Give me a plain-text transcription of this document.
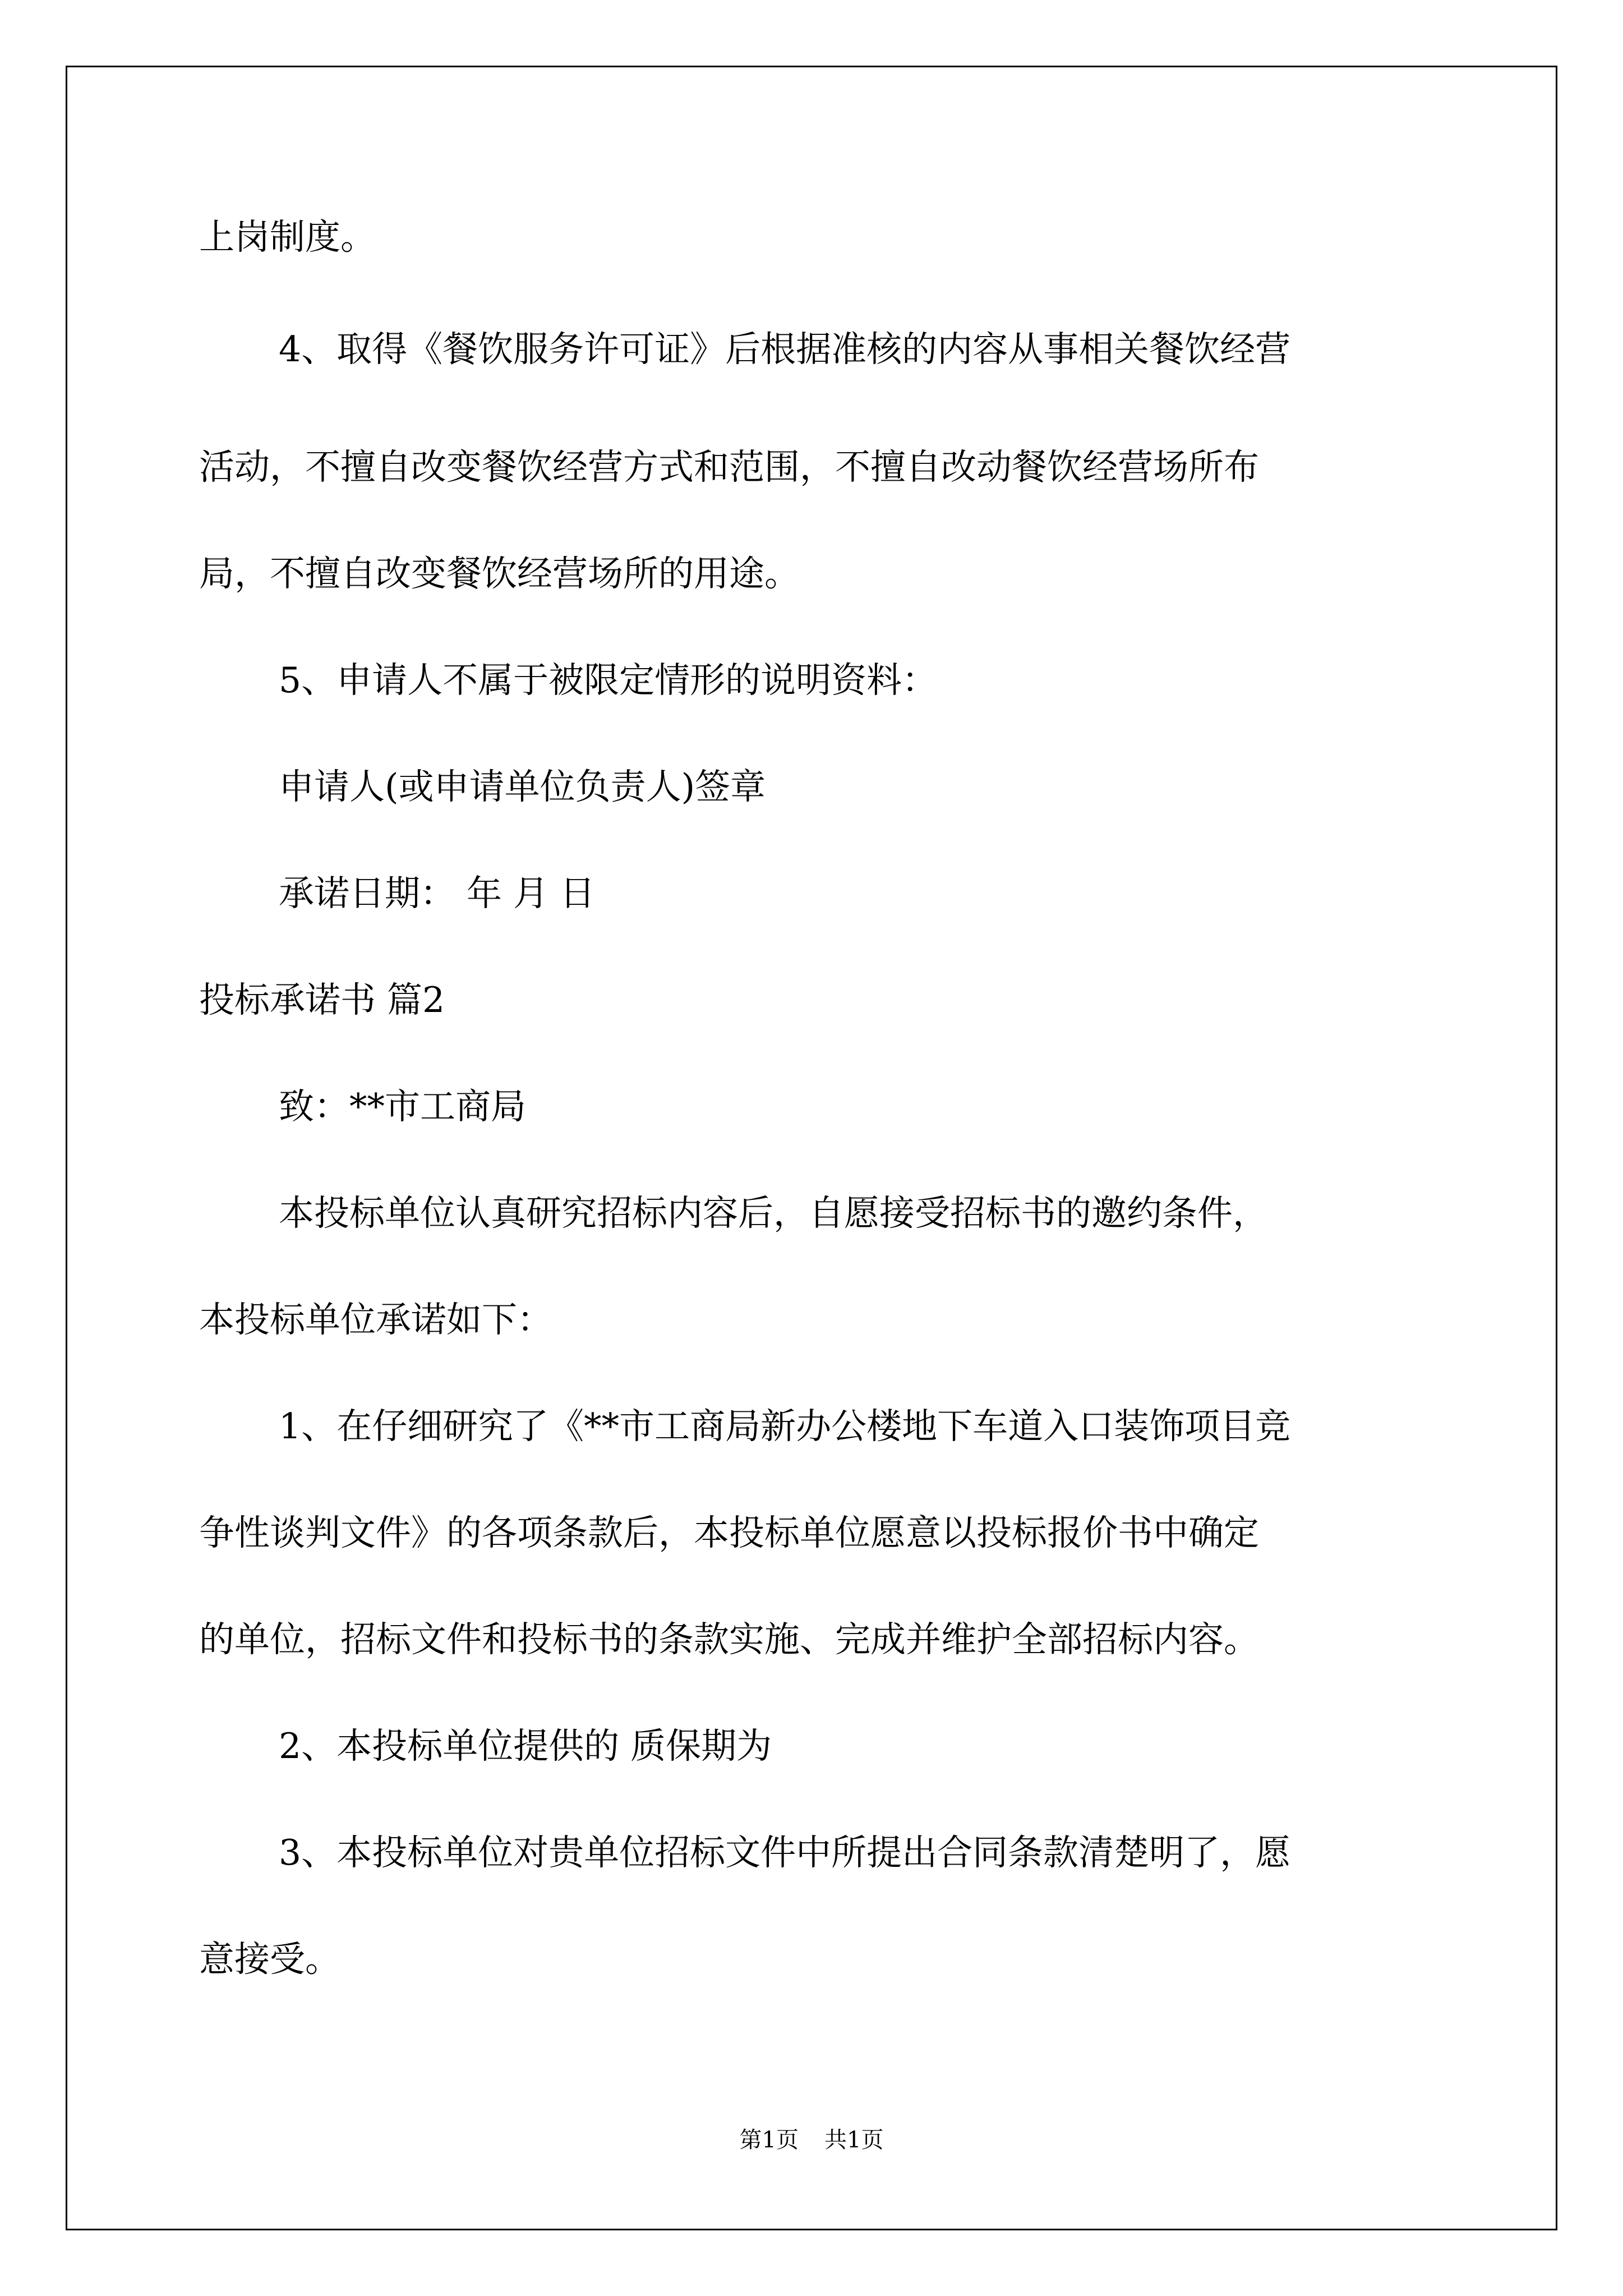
上岗制度。
4、取得《餐饮服务许可证》后根据准核的内容从事相关餐饮经营
活动，不擅自改变餐饮经营方式和范围，不擅自改动餐饮经营场所布
局，不擅自改变餐饮经营场所的用途。
5、申请人不属于被限定情形的说明资料：
申请人(或申请单位负责人)签章
承诺日期： 年 月 日
投标承诺书 篇2
致：**市工商局
本投标单位认真研究招标内容后，自愿接受招标书的邀约条件，
本投标单位承诺如下：
1、在仔细研究了《**市工商局新办公楼地下车道入口装饰项目竞
争性谈判文件》的各项条款后，本投标单位愿意以投标报价书中确定
的单位，招标文件和投标书的条款实施、完成并维护全部招标内容。
2、本投标单位提供的 质保期为
3、本投标单位对贵单位招标文件中所提出合同条款清楚明了，愿
意接受。
第1页 共1页
